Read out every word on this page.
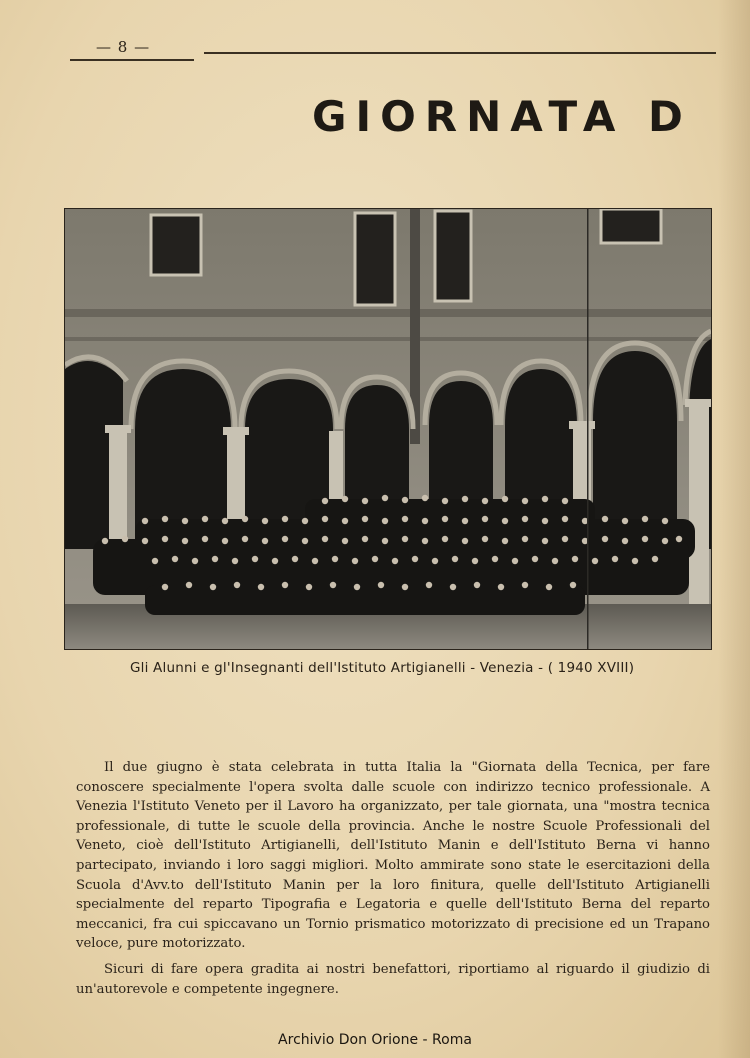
— 8 —
GIORNATA D
Gli Alunni e gl'Insegnanti dell'Istituto Artigianelli - Venezia - ( 1940 XVIII)

Il due giugno è stata celebrata in tutta Italia la "Giornata della Tecnica, per fare conoscere specialmente l'opera svolta dalle scuole con indirizzo tecnico professionale. A Venezia l'Istituto Veneto per il Lavoro ha organizzato, per tale giornata, una "mostra tecnica professionale, di tutte le scuole della provincia. Anche le nostre Scuole Professionali del Veneto, cioè dell'Istituto Artigianelli, dell'Istituto Manin e dell'Istituto Berna vi hanno partecipato, inviando i loro saggi migliori. Molto ammirate sono state le esercitazioni della Scuola d'Avv.to dell'Istituto Manin per la loro finitura, quelle dell'Istituto Artigianelli specialmente del reparto Tipografia e Legatoria e quelle dell'Istituto Berna del reparto meccanici, fra cui spiccavano un Tornio prismatico motorizzato di precisione ed un Trapano veloce, pure motorizzato.

Sicuri di fare opera gradita ai nostri benefattori, riportiamo al riguardo il giudizio di un'autorevole e competente ingegnere.

Archivio Don Orione - Roma
